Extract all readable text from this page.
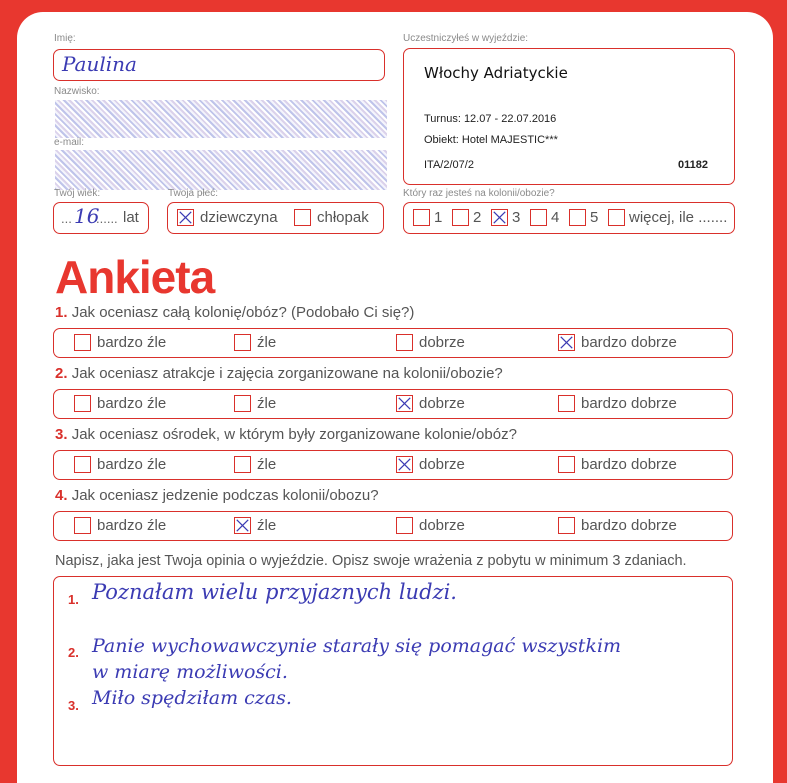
Imię:
Paulina
Nazwisko:
e-mail:
Twój wiek:
... 16
...... lat
Twoja płeć:
dziewczyna	chłopak
Uczestniczyłeś w wyjeździe:
Włochy Adriatyckie
Turnus: 12.07 - 22.07.2016
Obiekt: Hotel MAJESTIC***
ITA/2/07/2	01182
Który raz jesteś na kolonii/obozie?
1 2 3 4 5 więcej, ile .......
Ankieta
1. Jak oceniasz całą kolonię/obóz? (Podobało Ci się?)
bardzo źle	źle	dobrze	bardzo dobrze
2. Jak oceniasz atrakcje i zajęcia zorganizowane na kolonii/obozie?
bardzo źle	źle	dobrze	bardzo dobrze
3. Jak oceniasz ośrodek, w którym były zorganizowane kolonie/obóz?
bardzo źle	źle	dobrze	bardzo dobrze
4. Jak oceniasz jedzenie podczas kolonii/obozu?
bardzo źle	źle	dobrze	bardzo dobrze
Napisz, jaka jest Twoja opinia o wyjeździe. Opisz swoje wrażenia z pobytu w minimum 3 zdaniach.
1. Poznałam wielu przyjaznych ludzi.
2. Panie wychowawczynie starały się pomagać wszystkim
w miarę możliwości.
3. Miło spędziłam czas.
